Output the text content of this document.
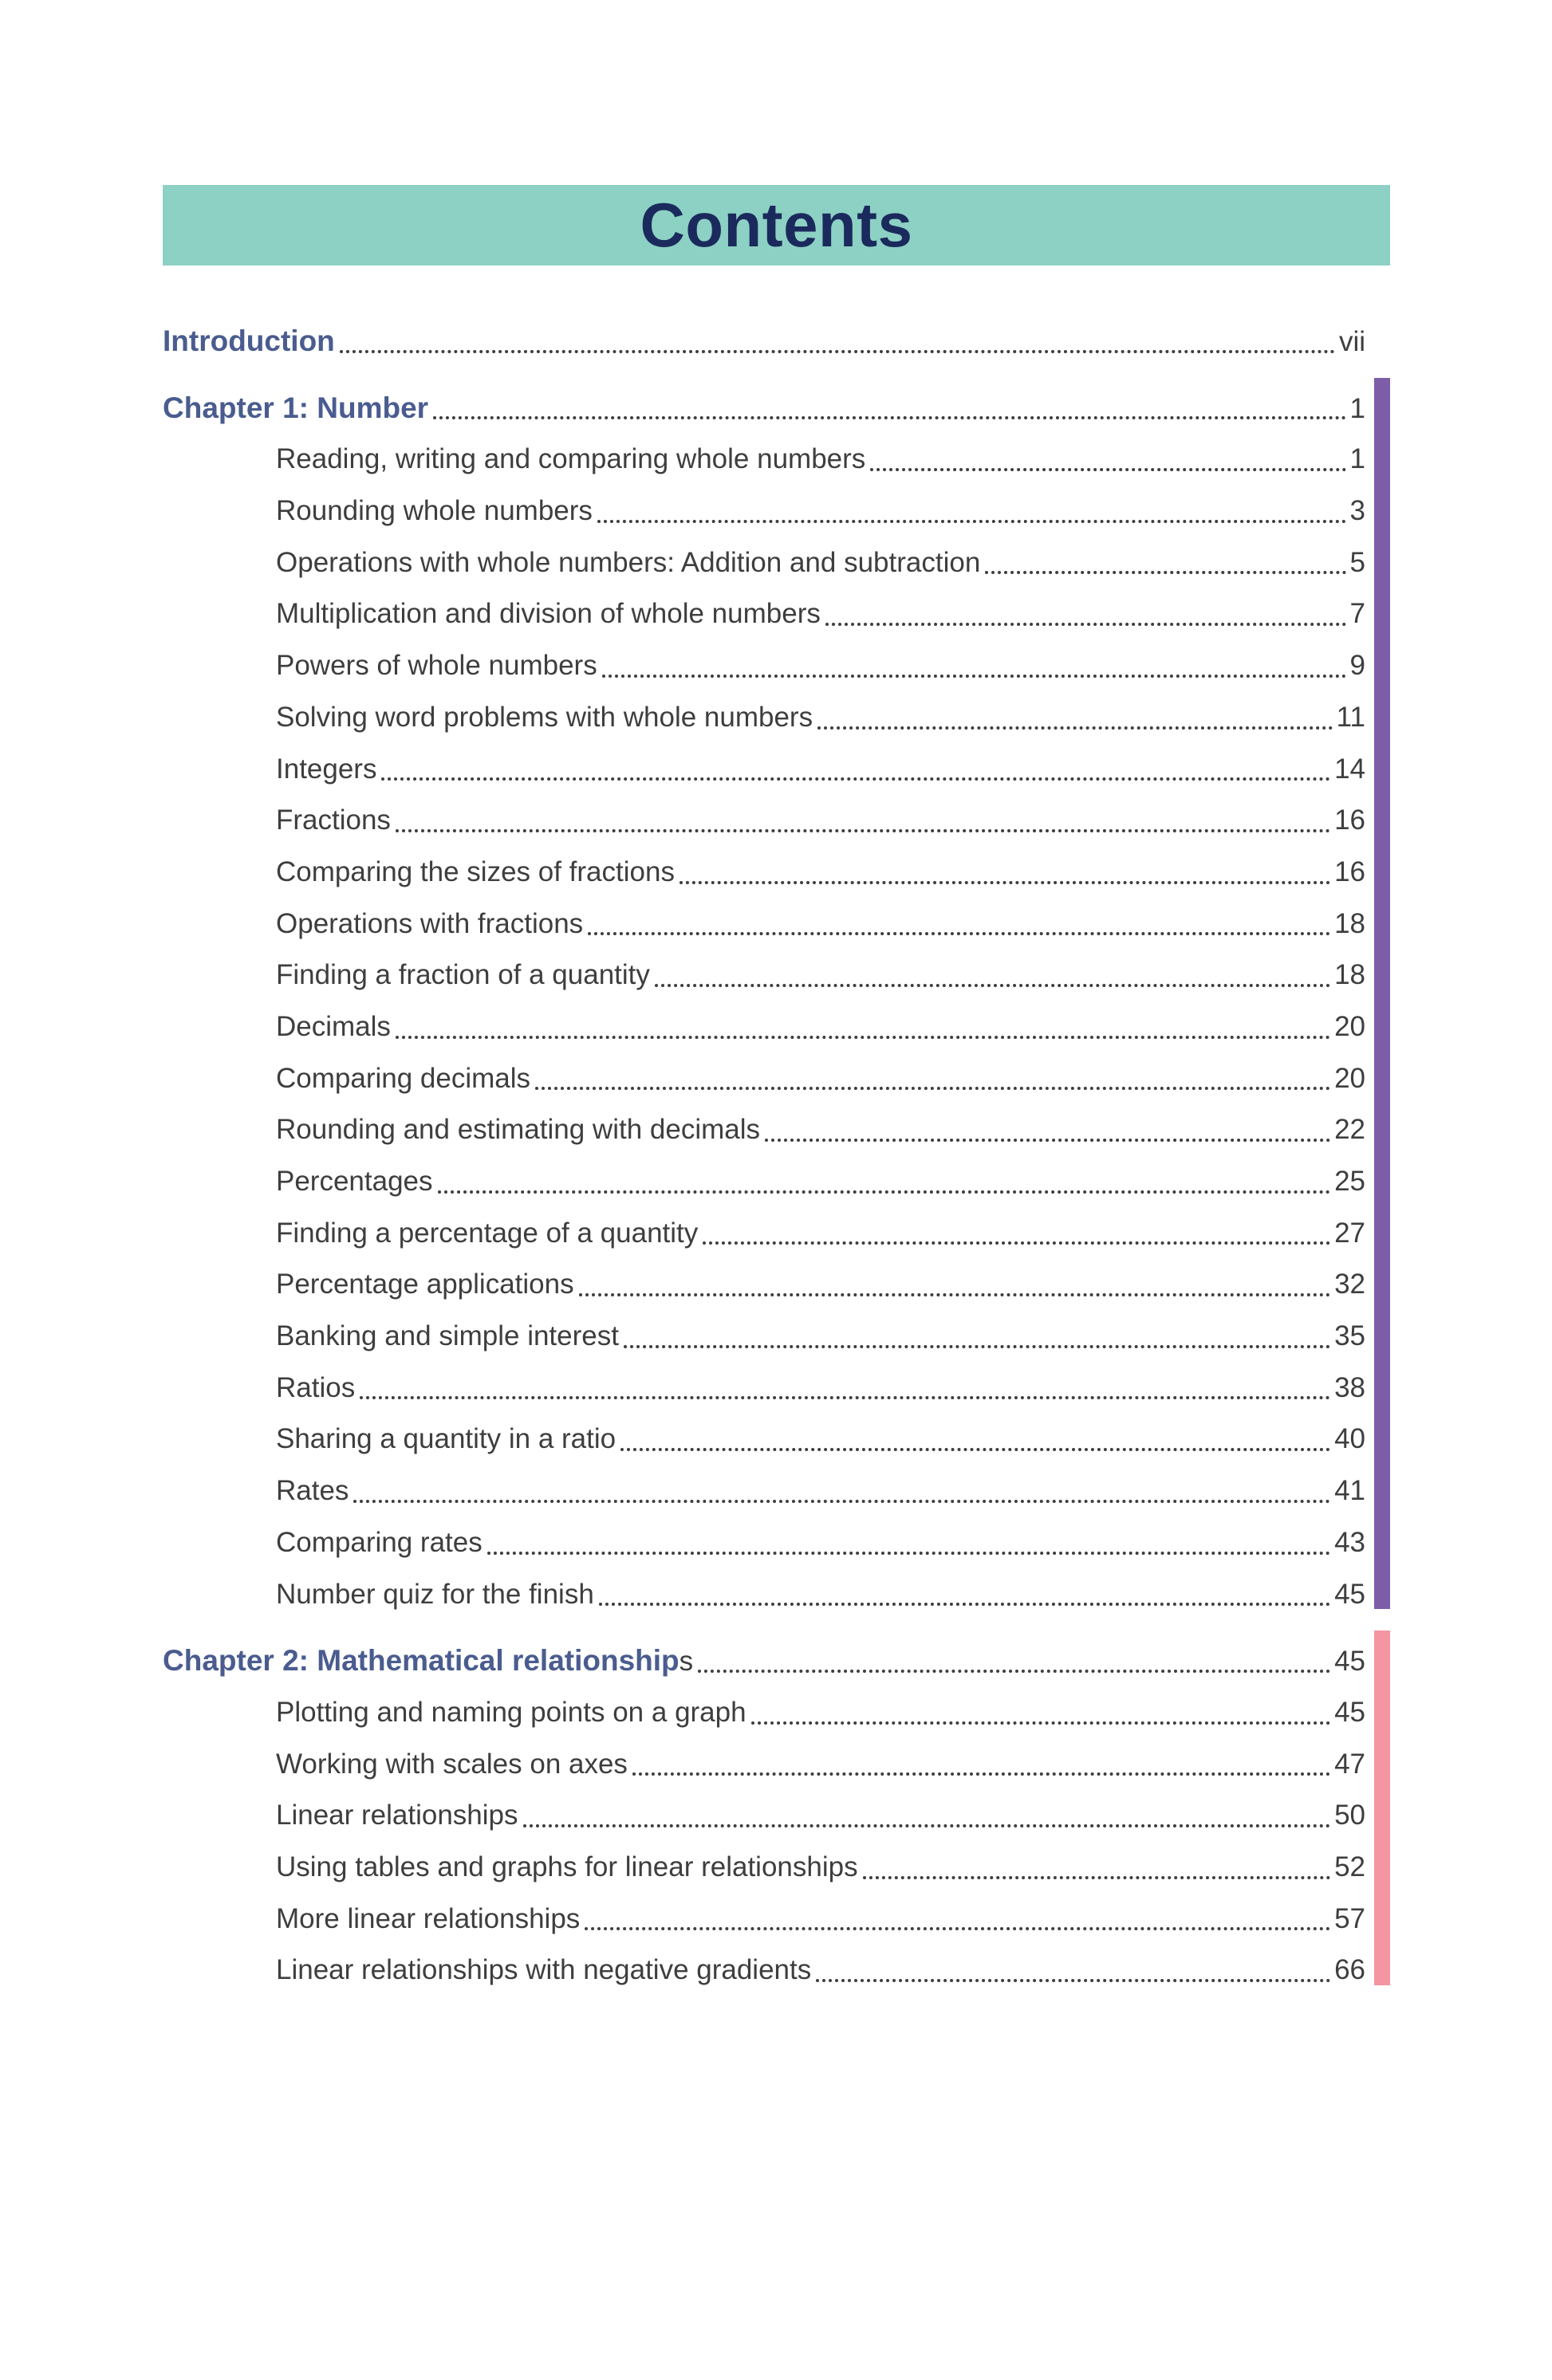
Contents
Introduction	vii
Chapter 1: Number	1
Reading, writing and comparing whole numbers	1
Rounding whole numbers	3
Operations with whole numbers: Addition and subtraction	5
Multiplication and division of whole numbers	7
Powers of whole numbers	9
Solving word problems with whole numbers	11
Integers	14
Fractions	16
Comparing the sizes of fractions	16
Operations with fractions	18
Finding a fraction of a quantity	18
Decimals	20
Comparing decimals	20
Rounding and estimating with decimals	22
Percentages	25
Finding a percentage of a quantity	27
Percentage applications	32
Banking and simple interest	35
Ratios	38
Sharing a quantity in a ratio	40
Rates	41
Comparing rates	43
Number quiz for the finish	45
Chapter 2: Mathematical relationship s	45
Plotting and naming points on a graph	45
Working with scales on axes	47
Linear relationships	50
Using tables and graphs for linear relationships	52
More linear relationships	57
Linear relationships with negative gradients	66
